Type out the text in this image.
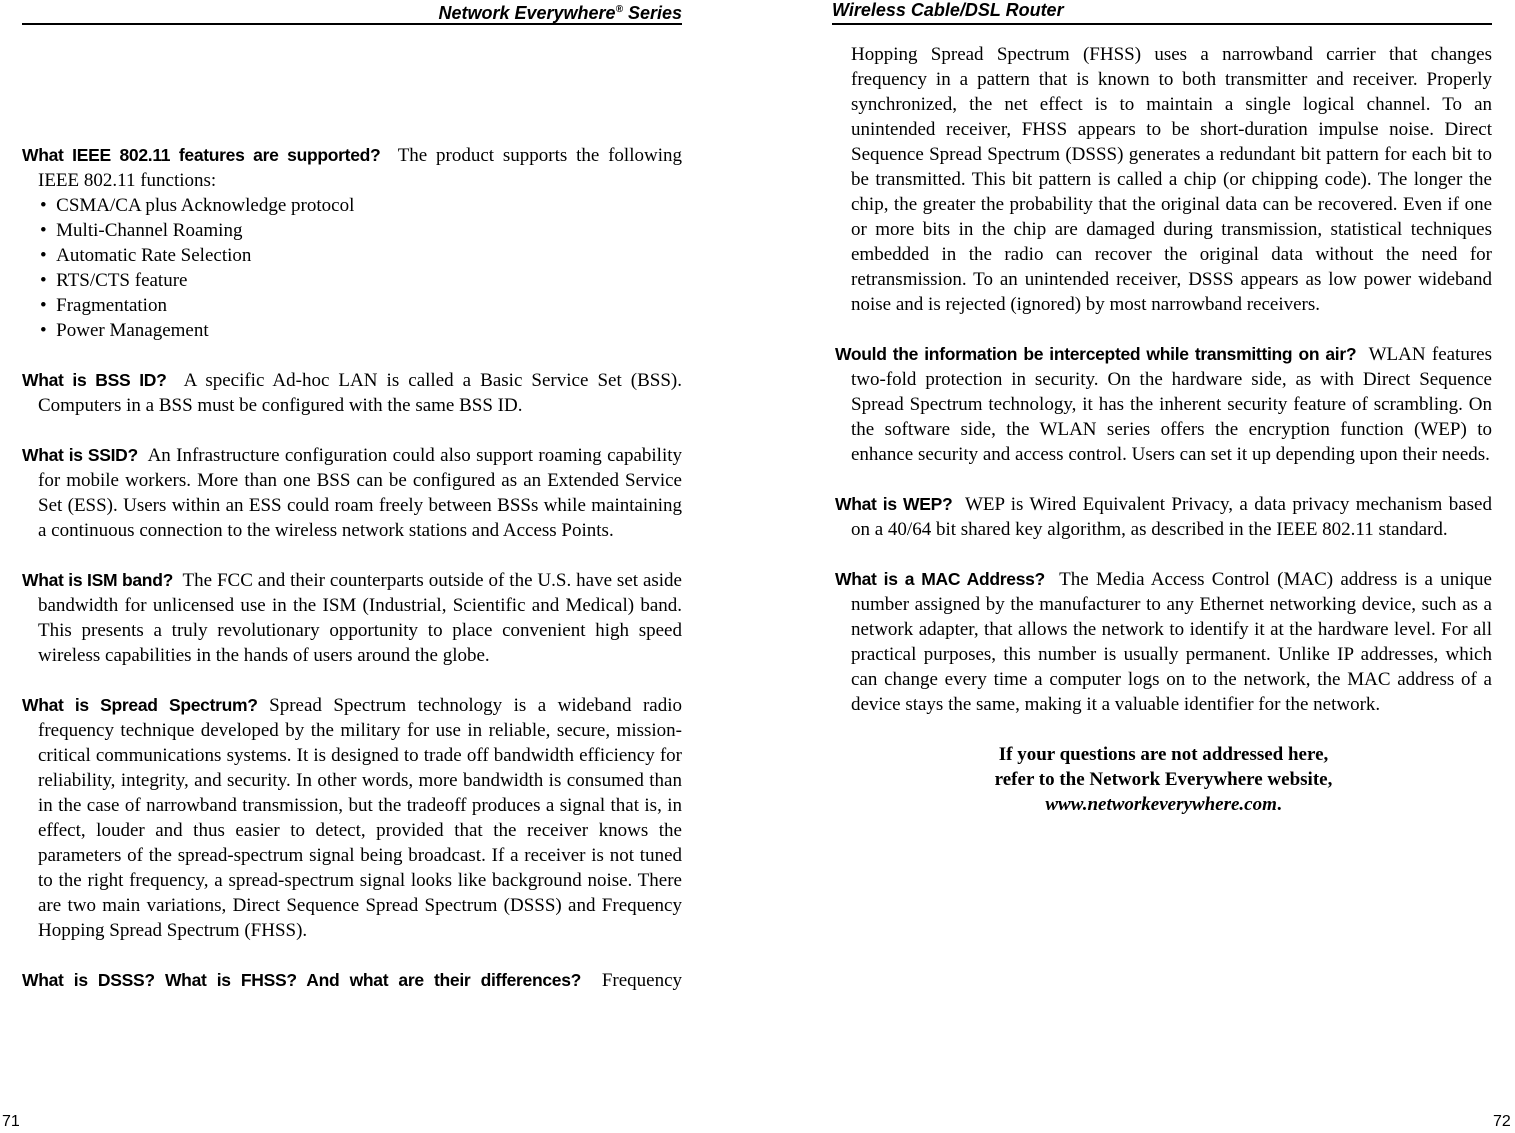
Network Everywhere® Series
What IEEE 802.11 features are supported? The product supports the following IEEE 802.11 functions:
•  CSMA/CA plus Acknowledge protocol
•  Multi-Channel Roaming
•  Automatic Rate Selection
•  RTS/CTS feature
•  Fragmentation
•  Power Management
What is BSS ID? A specific Ad-hoc LAN is called a Basic Service Set (BSS). Computers in a BSS must be configured with the same BSS ID.
What is SSID? An Infrastructure configuration could also support roaming capability for mobile workers. More than one BSS can be configured as an Extended Service Set (ESS). Users within an ESS could roam freely between BSSs while maintaining a continuous connection to the wireless network stations and Access Points.
What is ISM band? The FCC and their counterparts outside of the U.S. have set aside bandwidth for unlicensed use in the ISM (Industrial, Scientific and Medical) band. This presents a truly revolutionary opportunity to place convenient high speed wireless capabilities in the hands of users around the globe.
What is Spread Spectrum? Spread Spectrum technology is a wideband radio frequency technique developed by the military for use in reliable, secure, mission-critical communications systems. It is designed to trade off bandwidth efficiency for reliability, integrity, and security. In other words, more bandwidth is consumed than in the case of narrowband transmission, but the tradeoff produces a signal that is, in effect, louder and thus easier to detect, provided that the receiver knows the parameters of the spread-spectrum signal being broadcast. If a receiver is not tuned to the right frequency, a spread-spectrum signal looks like background noise. There are two main variations, Direct Sequence Spread Spectrum (DSSS) and Frequency Hopping Spread Spectrum (FHSS).
What is DSSS? What is FHSS? And what are their differences? Frequency
71
Wireless Cable/DSL Router
Hopping Spread Spectrum (FHSS) uses a narrowband carrier that changes frequency in a pattern that is known to both transmitter and receiver. Properly synchronized, the net effect is to maintain a single logical channel. To an unintended receiver, FHSS appears to be short-duration impulse noise. Direct Sequence Spread Spectrum (DSSS) generates a redundant bit pattern for each bit to be transmitted. This bit pattern is called a chip (or chipping code). The longer the chip, the greater the probability that the original data can be recovered. Even if one or more bits in the chip are damaged during transmission, statistical techniques embedded in the radio can recover the original data without the need for retransmission. To an unintended receiver, DSSS appears as low power wideband noise and is rejected (ignored) by most narrowband receivers.
Would the information be intercepted while transmitting on air? WLAN features two-fold protection in security. On the hardware side, as with Direct Sequence Spread Spectrum technology, it has the inherent security feature of scrambling. On the software side, the WLAN series offers the encryption function (WEP) to enhance security and access control. Users can set it up depending upon their needs.
What is WEP? WEP is Wired Equivalent Privacy, a data privacy mechanism based on a 40/64 bit shared key algorithm, as described in the IEEE 802.11 standard.
What is a MAC Address? The Media Access Control (MAC) address is a unique number assigned by the manufacturer to any Ethernet networking device, such as a network adapter, that allows the network to identify it at the hardware level. For all practical purposes, this number is usually permanent. Unlike IP addresses, which can change every time a computer logs on to the network, the MAC address of a device stays the same, making it a valuable identifier for the network.
If your questions are not addressed here,
refer to the Network Everywhere website,
www.networkeverywhere.com.
72
